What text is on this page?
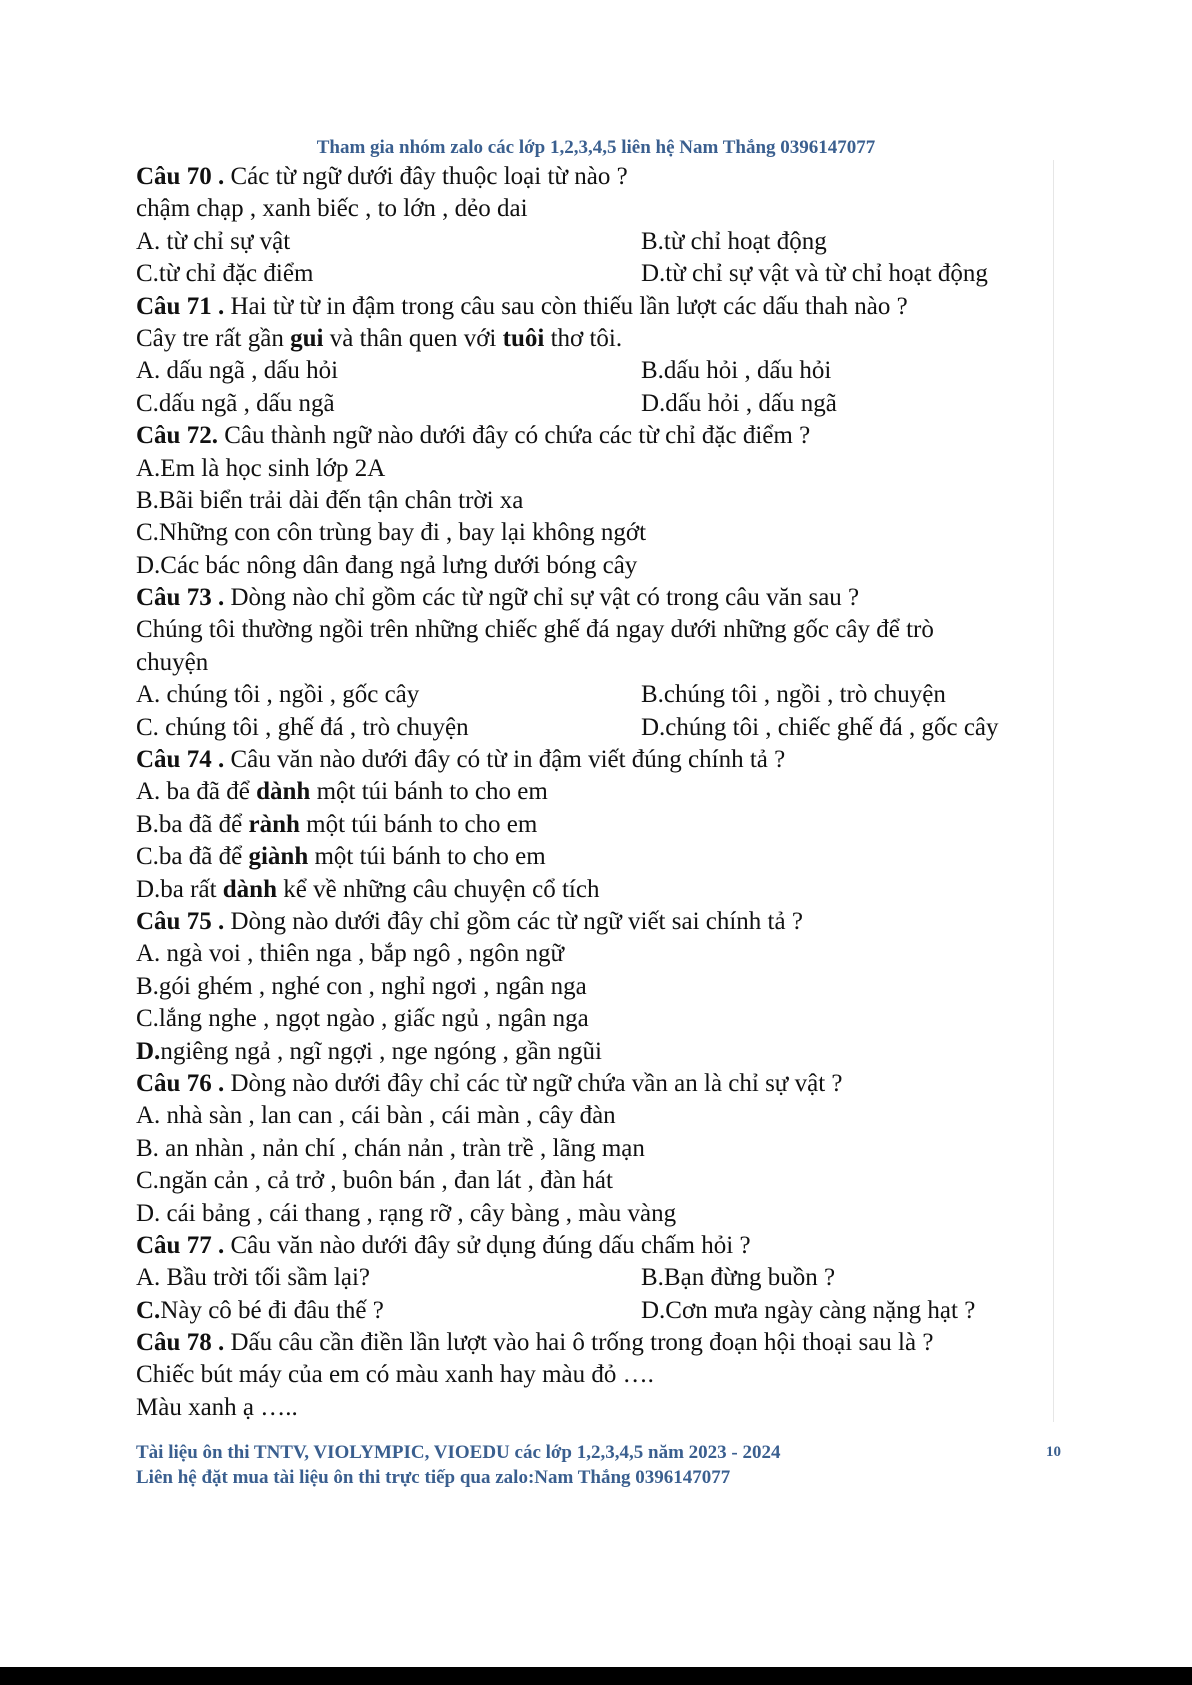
Tham gia nhóm zalo các lớp 1,2,3,4,5 liên hệ Nam Thắng 0396147077
Câu 70 . Các từ ngữ dưới đây thuộc loại từ nào ?
chậm chạp , xanh biếc , to lớn , dẻo dai
A. từ chỉ sự vật	B.từ chỉ hoạt động
C.từ chỉ đặc điểm	D.từ chỉ sự vật và từ chỉ hoạt động
Câu 71 . Hai từ từ in đậm trong câu sau còn thiếu lần lượt các dấu thah nào ?
Cây tre rất gần gui và thân quen với tuôi thơ tôi.
A. dấu ngã , dấu hỏi	B.dấu hỏi , dấu hỏi
C.dấu ngã , dấu ngã	D.dấu hỏi , dấu ngã
Câu 72. Câu thành ngữ nào dưới đây có chứa các từ chỉ đặc điểm ?
A.Em là học sinh lớp 2A
B.Bãi biển trải dài đến tận chân trời xa
C.Những con côn trùng bay đi , bay lại không ngớt
D.Các bác nông dân đang ngả lưng dưới bóng cây
Câu 73 . Dòng nào chỉ gồm các từ ngữ chỉ sự vật có trong câu văn sau ?
Chúng tôi thường ngồi trên những chiếc ghế đá ngay dưới những gốc cây để trò
chuyện
A. chúng tôi , ngồi , gốc cây	B.chúng tôi , ngồi , trò chuyện
C. chúng tôi , ghế đá , trò chuyện	D.chúng tôi , chiếc ghế đá , gốc cây
Câu 74 . Câu văn nào dưới đây có từ in đậm viết đúng chính tả ?
A. ba đã để dành một túi bánh to cho em
B.ba đã để rành một túi bánh to cho em
C.ba đã để giành một túi bánh to cho em
D.ba rất dành kể về những câu chuyện cổ tích
Câu 75 . Dòng nào dưới đây chỉ gồm các từ ngữ viết sai chính tả ?
A. ngà voi , thiên nga , bắp ngô , ngôn ngữ
B.gói ghém , nghé con , nghỉ ngơi , ngân nga
C.lắng nghe , ngọt ngào , giấc ngủ , ngân nga
D.ngiêng ngả , ngĩ ngợi , nge ngóng , gần ngũi
Câu 76 . Dòng nào dưới đây chỉ các từ ngữ chứa vần an là chỉ sự vật ?
A. nhà sàn , lan can , cái bàn , cái màn , cây đàn
B. an nhàn , nản chí , chán nản , tràn trề , lãng mạn
C.ngăn cản , cả trở , buôn bán , đan lát , đàn hát
D. cái bảng , cái thang , rạng rỡ , cây bàng , màu vàng
Câu 77 . Câu văn nào dưới đây sử dụng đúng dấu chấm hỏi ?
A. Bầu trời tối sầm lại?	B.Bạn đừng buồn ?
C.Này cô bé đi đâu thế ?	D.Cơn mưa ngày càng nặng hạt ?
Câu 78 . Dấu câu cần điền lần lượt vào hai ô trống trong đoạn hội thoại sau là ?
Chiếc bút máy của em có màu xanh hay màu đỏ ….
Màu xanh ạ …..
Tài liệu ôn thi TNTV, VIOLYMPIC, VIOEDU các lớp 1,2,3,4,5 năm 2023 - 2024
Liên hệ đặt mua tài liệu ôn thi trực tiếp qua zalo:Nam Thắng 0396147077
10
